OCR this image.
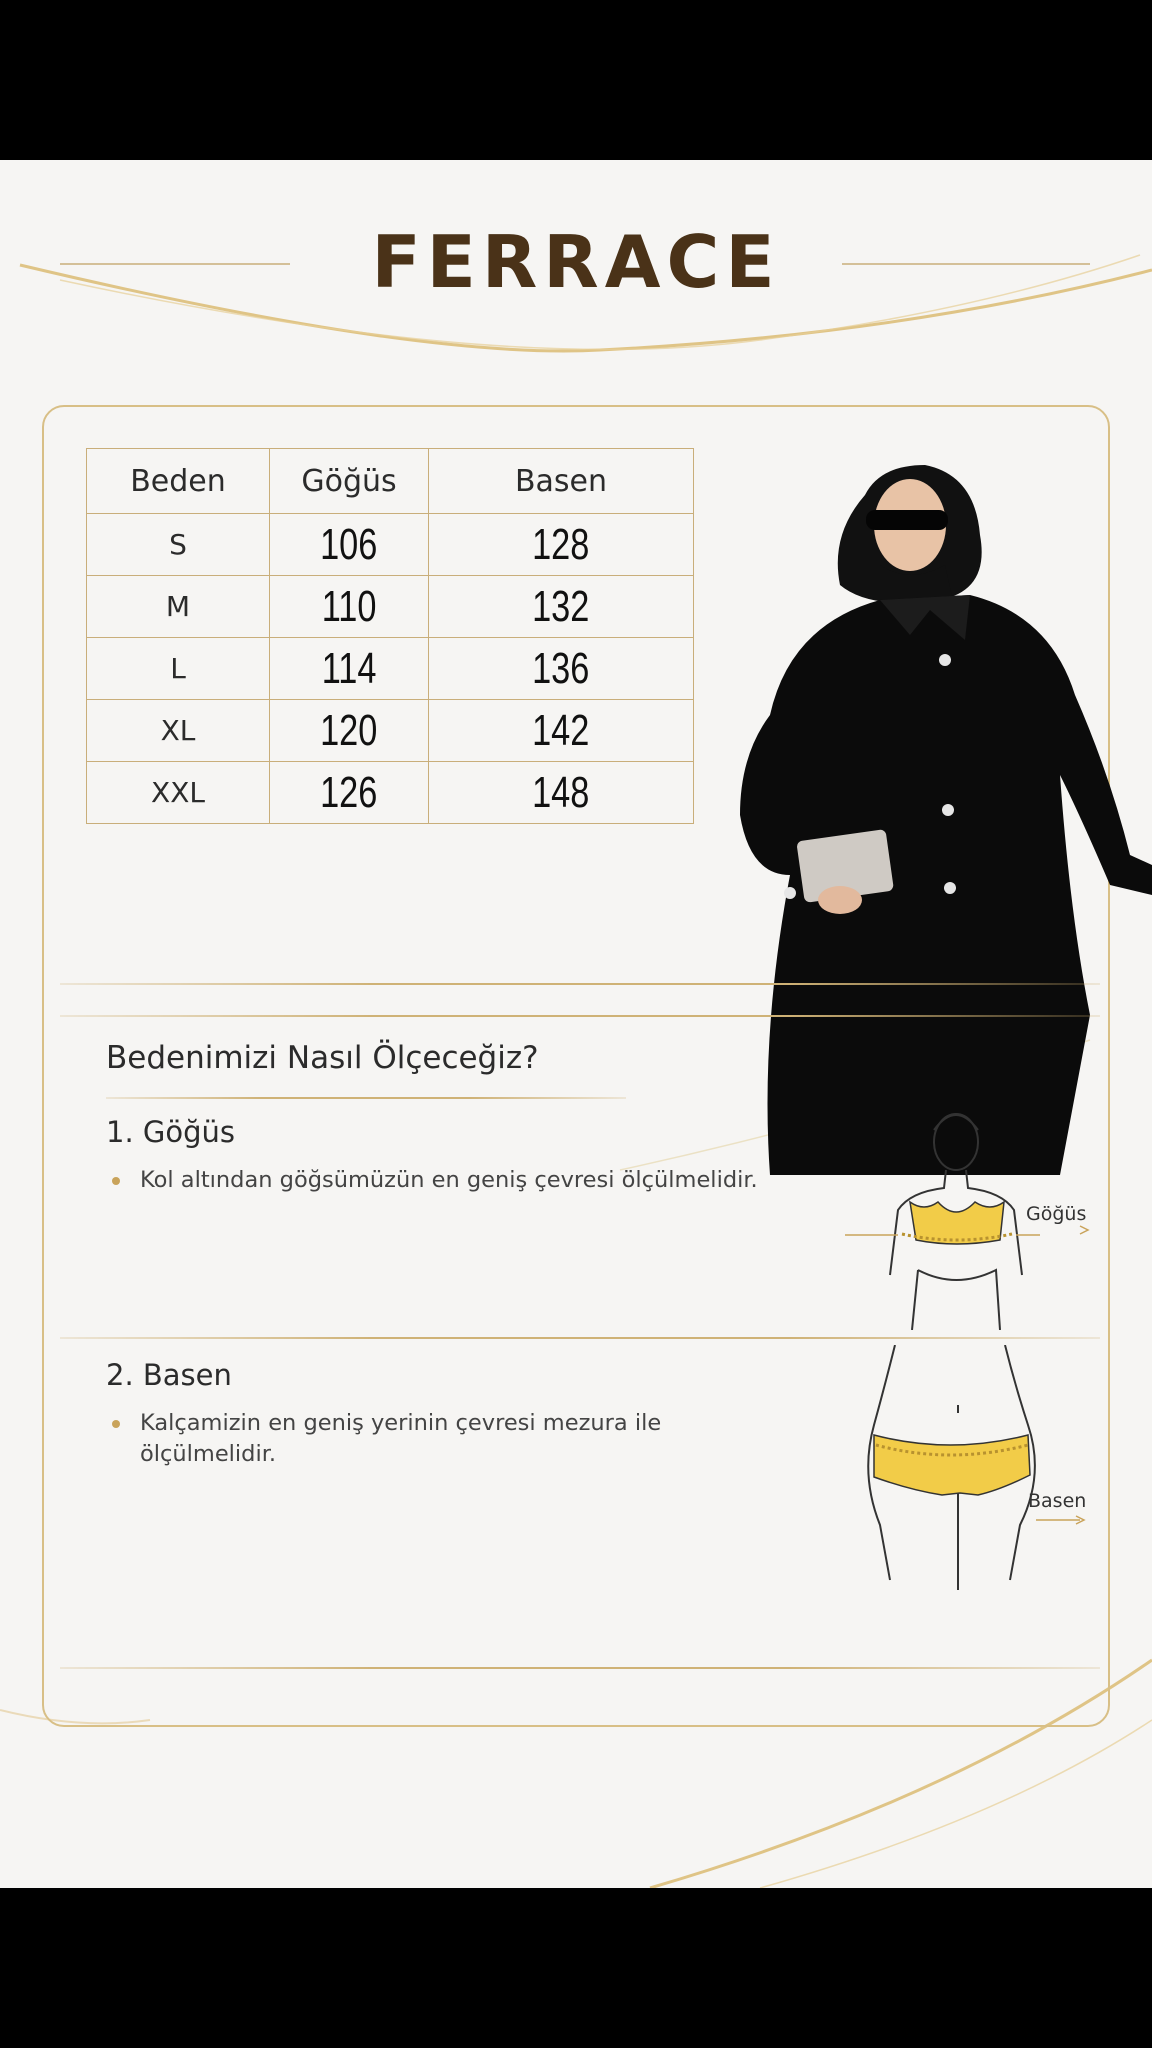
FERRACE
Beden	Göğüs	Basen
S	106	128
M	110	132
L	114	136
XL	120	142
XXL	126	148
Bedenimizi Nasıl Ölçeceğiz?
1. Göğüs
Kol altından göğsümüzün en geniş çevresi ölçülmelidir.
2. Basen
Kalçamizin en geniş yerinin çevresi mezura ile ölçülmelidir.
Göğüs
Basen
